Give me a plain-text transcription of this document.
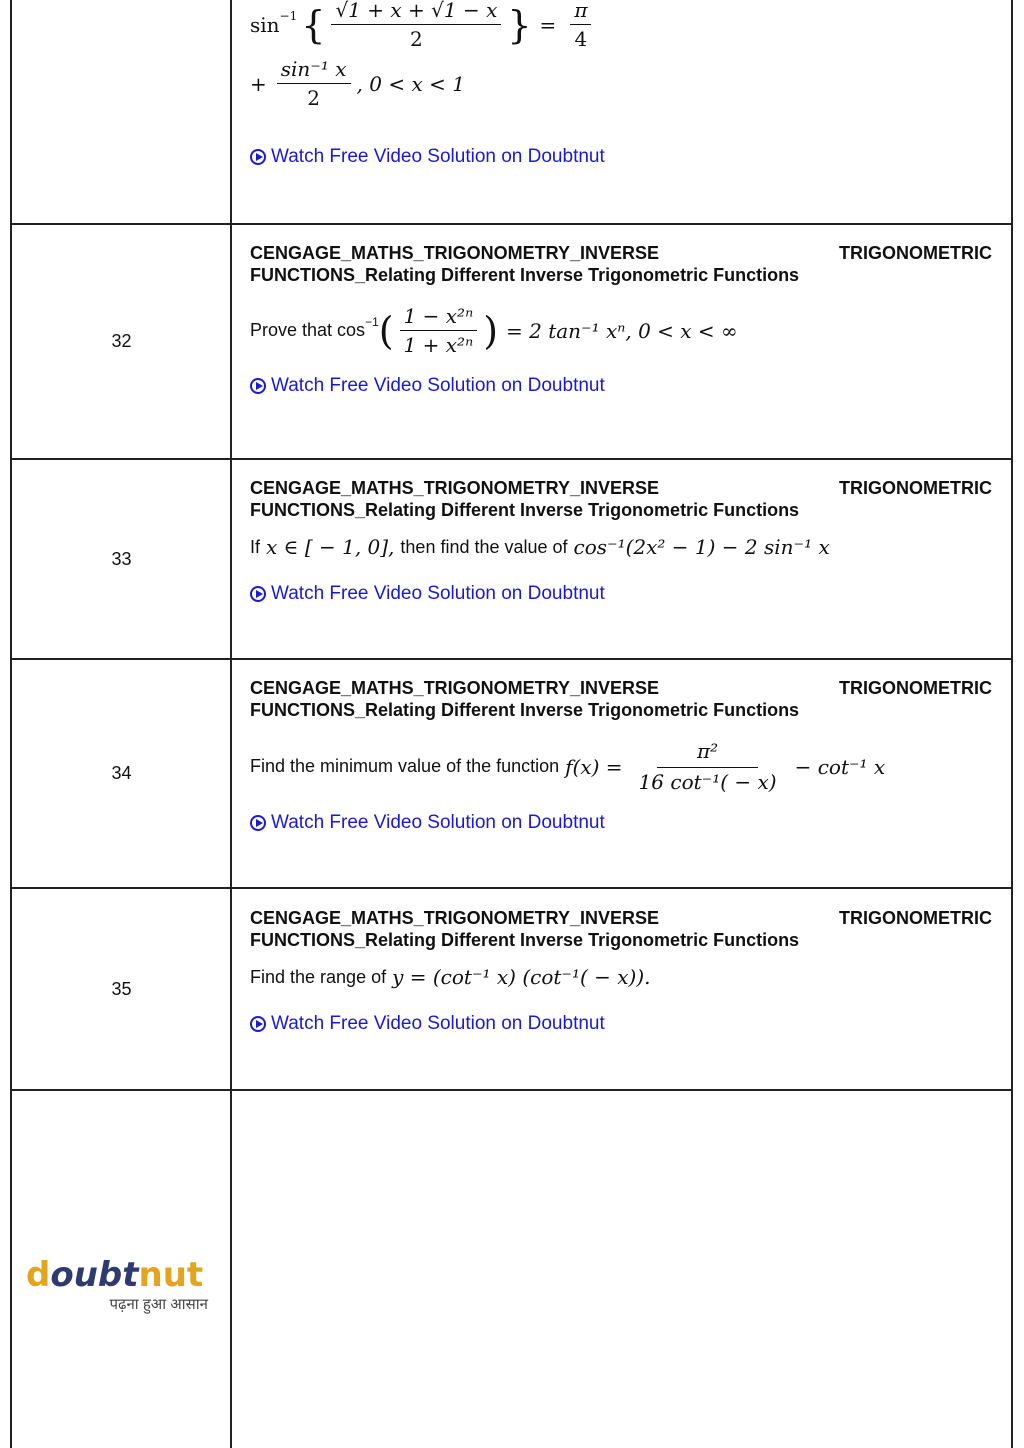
sin −1 { $\frac{√1 + x + √1 - x}{2}$ } = $\frac{\pi}{4}$
+ $\frac{\text{sin⁻¹ x}}{2}$ , 0 < x < 1
Watch Free Video Solution on Doubtnut
32
CENGAGE_MATHS_TRIGONOMETRY_INVERSE	TRIGONOMETRIC
FUNCTIONS_Relating Different Inverse Trigonometric Functions
Prove that cos −1 ( $\frac{\text{1 − x²ⁿ}}{\text{1 + x²ⁿ}}$ ) = 2 tan⁻¹ xⁿ, 0 < x < ∞
Watch Free Video Solution on Doubtnut
33
CENGAGE_MATHS_TRIGONOMETRY_INVERSE	TRIGONOMETRIC
FUNCTIONS_Relating Different Inverse Trigonometric Functions
If x ∈ [ − 1, 0], then find the value of cos⁻¹(2x² − 1) − 2 sin⁻¹ x
Watch Free Video Solution on Doubtnut
34
CENGAGE_MATHS_TRIGONOMETRY_INVERSE	TRIGONOMETRIC
FUNCTIONS_Relating Different Inverse Trigonometric Functions
Find the minimum value of the function $f(x) = \frac{\text{π²}}{\text{16 cot⁻¹( − x)}} - \cot^{-1}$ x
Watch Free Video Solution on Doubtnut
35
CENGAGE_MATHS_TRIGONOMETRY_INVERSE	TRIGONOMETRIC
FUNCTIONS_Relating Different Inverse Trigonometric Functions
Find the range of y = (cot⁻¹ x) (cot⁻¹( − x)).
Watch Free Video Solution on Doubtnut
doubtnut
पढ़ना हुआ आसान
